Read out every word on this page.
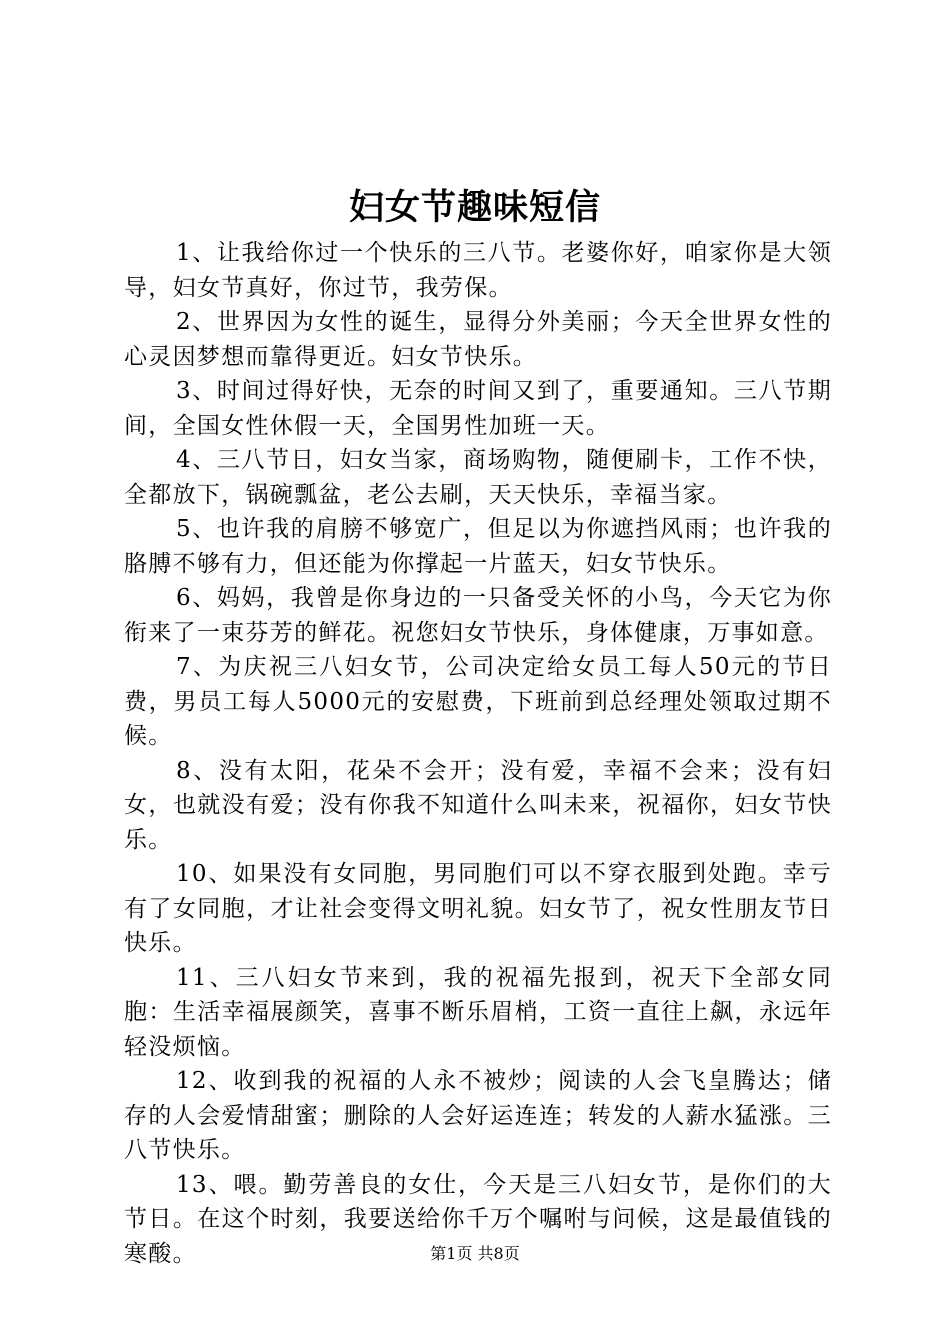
妇女节趣味短信

1、让我给你过一个快乐的三八节。老婆你好，咱家你是大领导，妇女节真好，你过节，我劳保。

2、世界因为女性的诞生，显得分外美丽；今天全世界女性的心灵因梦想而靠得更近。妇女节快乐。

3、时间过得好快，无奈的时间又到了，重要通知。三八节期间，全国女性休假一天，全国男性加班一天。

4、三八节日，妇女当家，商场购物，随便刷卡，工作不快，全都放下，锅碗瓢盆，老公去刷，天天快乐，幸福当家。

5、也许我的肩膀不够宽广，但足以为你遮挡风雨；也许我的胳膊不够有力，但还能为你撑起一片蓝天，妇女节快乐。

6、妈妈，我曾是你身边的一只备受关怀的小鸟，今天它为你衔来了一束芬芳的鲜花。祝您妇女节快乐，身体健康，万事如意。

7、为庆祝三八妇女节，公司决定给女员工每人50元的节日费，男员工每人5000元的安慰费，下班前到总经理处领取过期不候。

8、没有太阳，花朵不会开；没有爱，幸福不会来；没有妇女，也就没有爱；没有你我不知道什么叫未来，祝福你，妇女节快乐。

10、如果没有女同胞，男同胞们可以不穿衣服到处跑。幸亏有了女同胞，才让社会变得文明礼貌。妇女节了，祝女性朋友节日快乐。

11、三八妇女节来到，我的祝福先报到，祝天下全部女同胞：生活幸福展颜笑，喜事不断乐眉梢，工资一直往上飙，永远年轻没烦恼。

12、收到我的祝福的人永不被炒；阅读的人会飞皇腾达；储存的人会爱情甜蜜；删除的人会好运连连；转发的人薪水猛涨。三八节快乐。

13、喂。勤劳善良的女仕，今天是三八妇女节，是你们的大节日。在这个时刻，我要送给你千万个嘱咐与问候，这是最值钱的寒酸。	第1页 共8页
